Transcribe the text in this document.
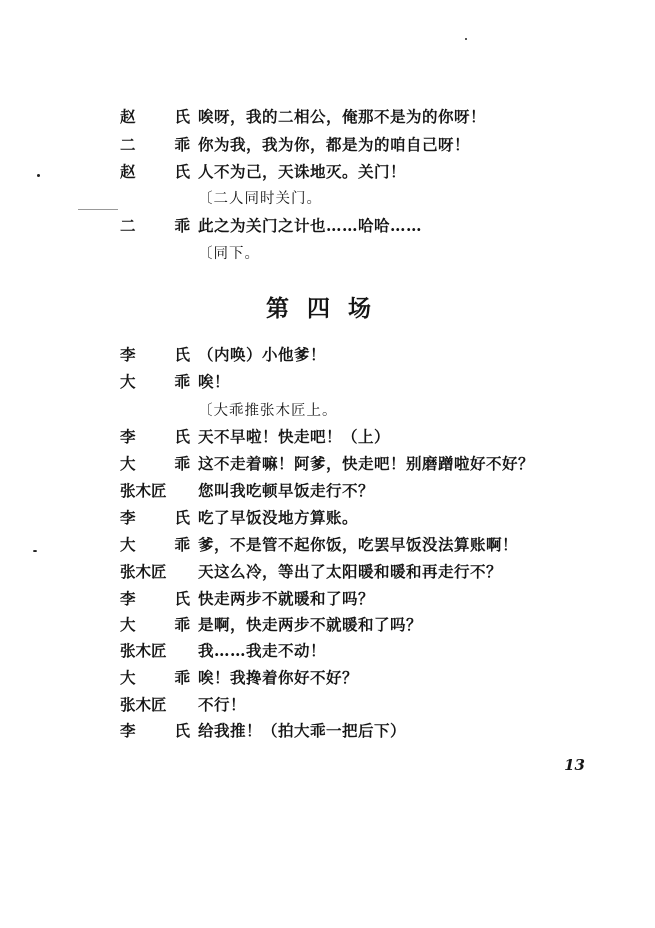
赵	氏 唉呀，我的二相公，俺那不是为的你呀！
二	乖 你为我，我为你，都是为的咱自己呀！
赵	氏 人不为己，天诛地灭。关门！
〔二人同时关门。
二	乖 此之为关门之计也……哈哈……
〔同下。
第四场
李	氏 （内唤）小他爹！
大	乖 唉！
〔大乖推张木匠上。
李	氏 天不早啦！快走吧！（上）
大	乖 这不走着嘛！阿爹，快走吧！别磨蹭啦好不好？
张木匠	您叫我吃顿早饭走行不？
李	氏 吃了早饭没地方算账。
大	乖 爹，不是管不起你饭，吃罢早饭没法算账啊！
张木匠	天这么冷，等出了太阳暖和暖和再走行不？
李	氏 快走两步不就暖和了吗？
大	乖 是啊，快走两步不就暖和了吗？
张木匠	我……我走不动！
大	乖 唉！我搀着你好不好？
张木匠	不行！
李	氏 给我推！（拍大乖一把后下）
13
